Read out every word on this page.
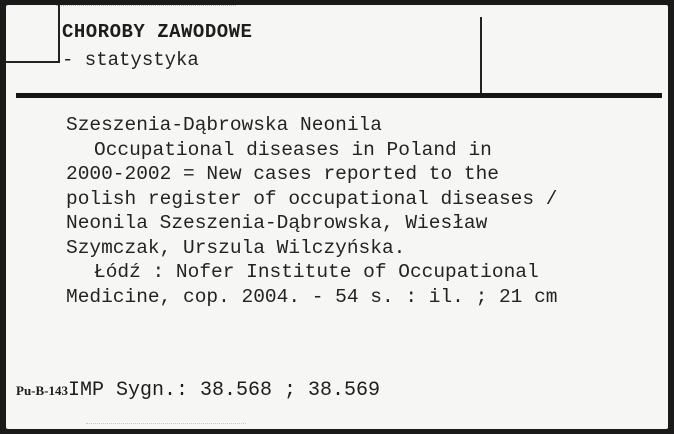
CHOROBY ZAWODOWE
- statystyka
Szeszenia-Dąbrowska Neonila
Occupational diseases in Poland in
2000-2002 = New cases reported to the
polish register of occupational diseases /
Neonila Szeszenia-Dąbrowska, Wiesław
Szymczak, Urszula Wilczyńska.
Łódź : Nofer Institute of Occupational
Medicine, cop. 2004. - 54 s. : il. ; 21 cm
Pu-B-143IMP Sygn.: 38.568 ; 38.569
